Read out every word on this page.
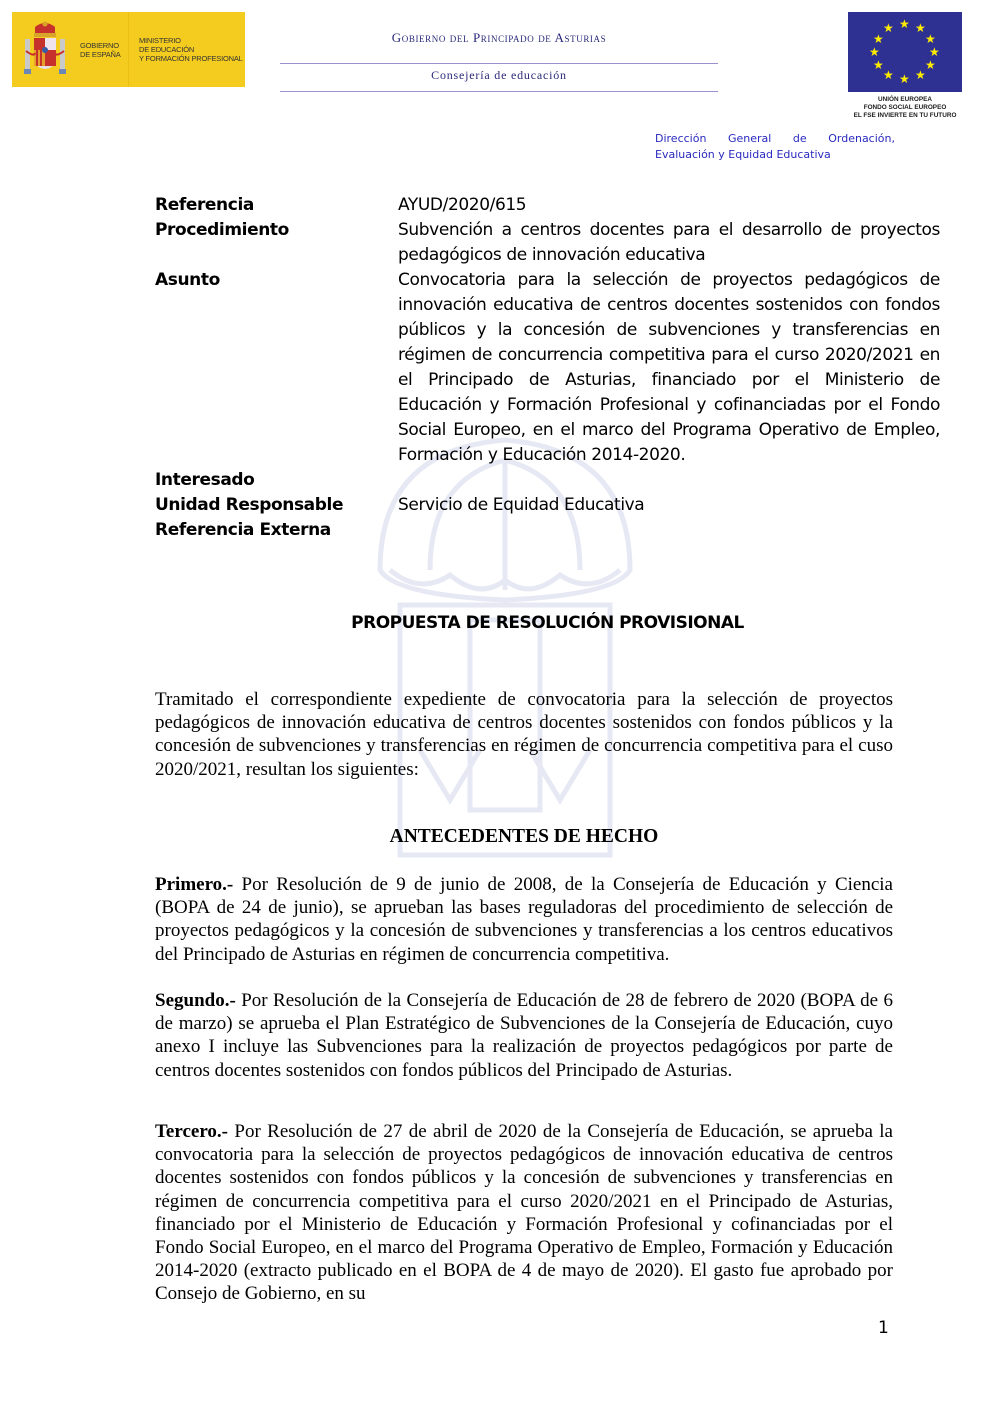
GOBIERNO
DE ESPAÑA
MINISTERIO
DE EDUCACIÓN
Y FORMACIÓN PROFESIONAL
Gobierno del Principado de Asturias
Consejería de educación
★ ★
★
★
★
★
★
★
★
★
★
★
UNIÓN EUROPEA
FONDO SOCIAL EUROPEO
EL FSE INVIERTE EN TU FUTURO
Dirección General de Ordenación,
Evaluación y Equidad Educativa
Referencia	AYUD/2020/615
Procedimiento	Subvención a centros docentes para el desarrollo de proyectos pedagógicos de innovación educativa
Asunto	Convocatoria para la selección de proyectos pedagógicos de innovación educativa de centros docentes sostenidos con fondos públicos y la concesión de subvenciones y transferencias en régimen de concurrencia competitiva para el curso 2020/2021 en el Principado de Asturias, financiado por el Ministerio de Educación y Formación Profesional y cofinanciadas por el Fondo Social Europeo, en el marco del Programa Operativo de Empleo, Formación y Educación 2014-2020.
Interesado
Unidad Responsable	Servicio de Equidad Educativa
Referencia Externa
PROPUESTA DE RESOLUCIÓN PROVISIONAL
Tramitado el correspondiente expediente de convocatoria para la selección de proyectos pedagógicos de innovación educativa de centros docentes sostenidos con fondos públicos y la concesión de subvenciones y transferencias en régimen de concurrencia competitiva para el cuso 2020/2021, resultan los siguientes:
ANTECEDENTES DE HECHO
Primero.- Por Resolución de 9 de junio de 2008, de la Consejería de Educación y Ciencia (BOPA de 24 de junio), se aprueban las bases reguladoras del procedimiento de selección de proyectos pedagógicos y la concesión de subvenciones y transferencias a los centros educativos del Principado de Asturias en régimen de concurrencia competitiva.
Segundo.- Por Resolución de la Consejería de Educación de 28 de febrero de 2020 (BOPA de 6 de marzo) se aprueba el Plan Estratégico de Subvenciones de la Consejería de Educación, cuyo anexo I incluye las Subvenciones para la realización de proyectos pedagógicos por parte de centros docentes sostenidos con fondos públicos del Principado de Asturias.
Tercero.- Por Resolución de 27 de abril de 2020 de la Consejería de Educación, se aprueba la convocatoria para la selección de proyectos pedagógicos de innovación educativa de centros docentes sostenidos con fondos públicos y la concesión de subvenciones y transferencias en régimen de concurrencia competitiva para el curso 2020/2021 en el Principado de Asturias, financiado por el Ministerio de Educación y Formación Profesional y cofinanciadas por el Fondo Social Europeo, en el marco del Programa Operativo de Empleo, Formación y Educación 2014-2020 (extracto publicado en el BOPA de 4 de mayo de 2020). El gasto fue aprobado por Consejo de Gobierno, en su
1
